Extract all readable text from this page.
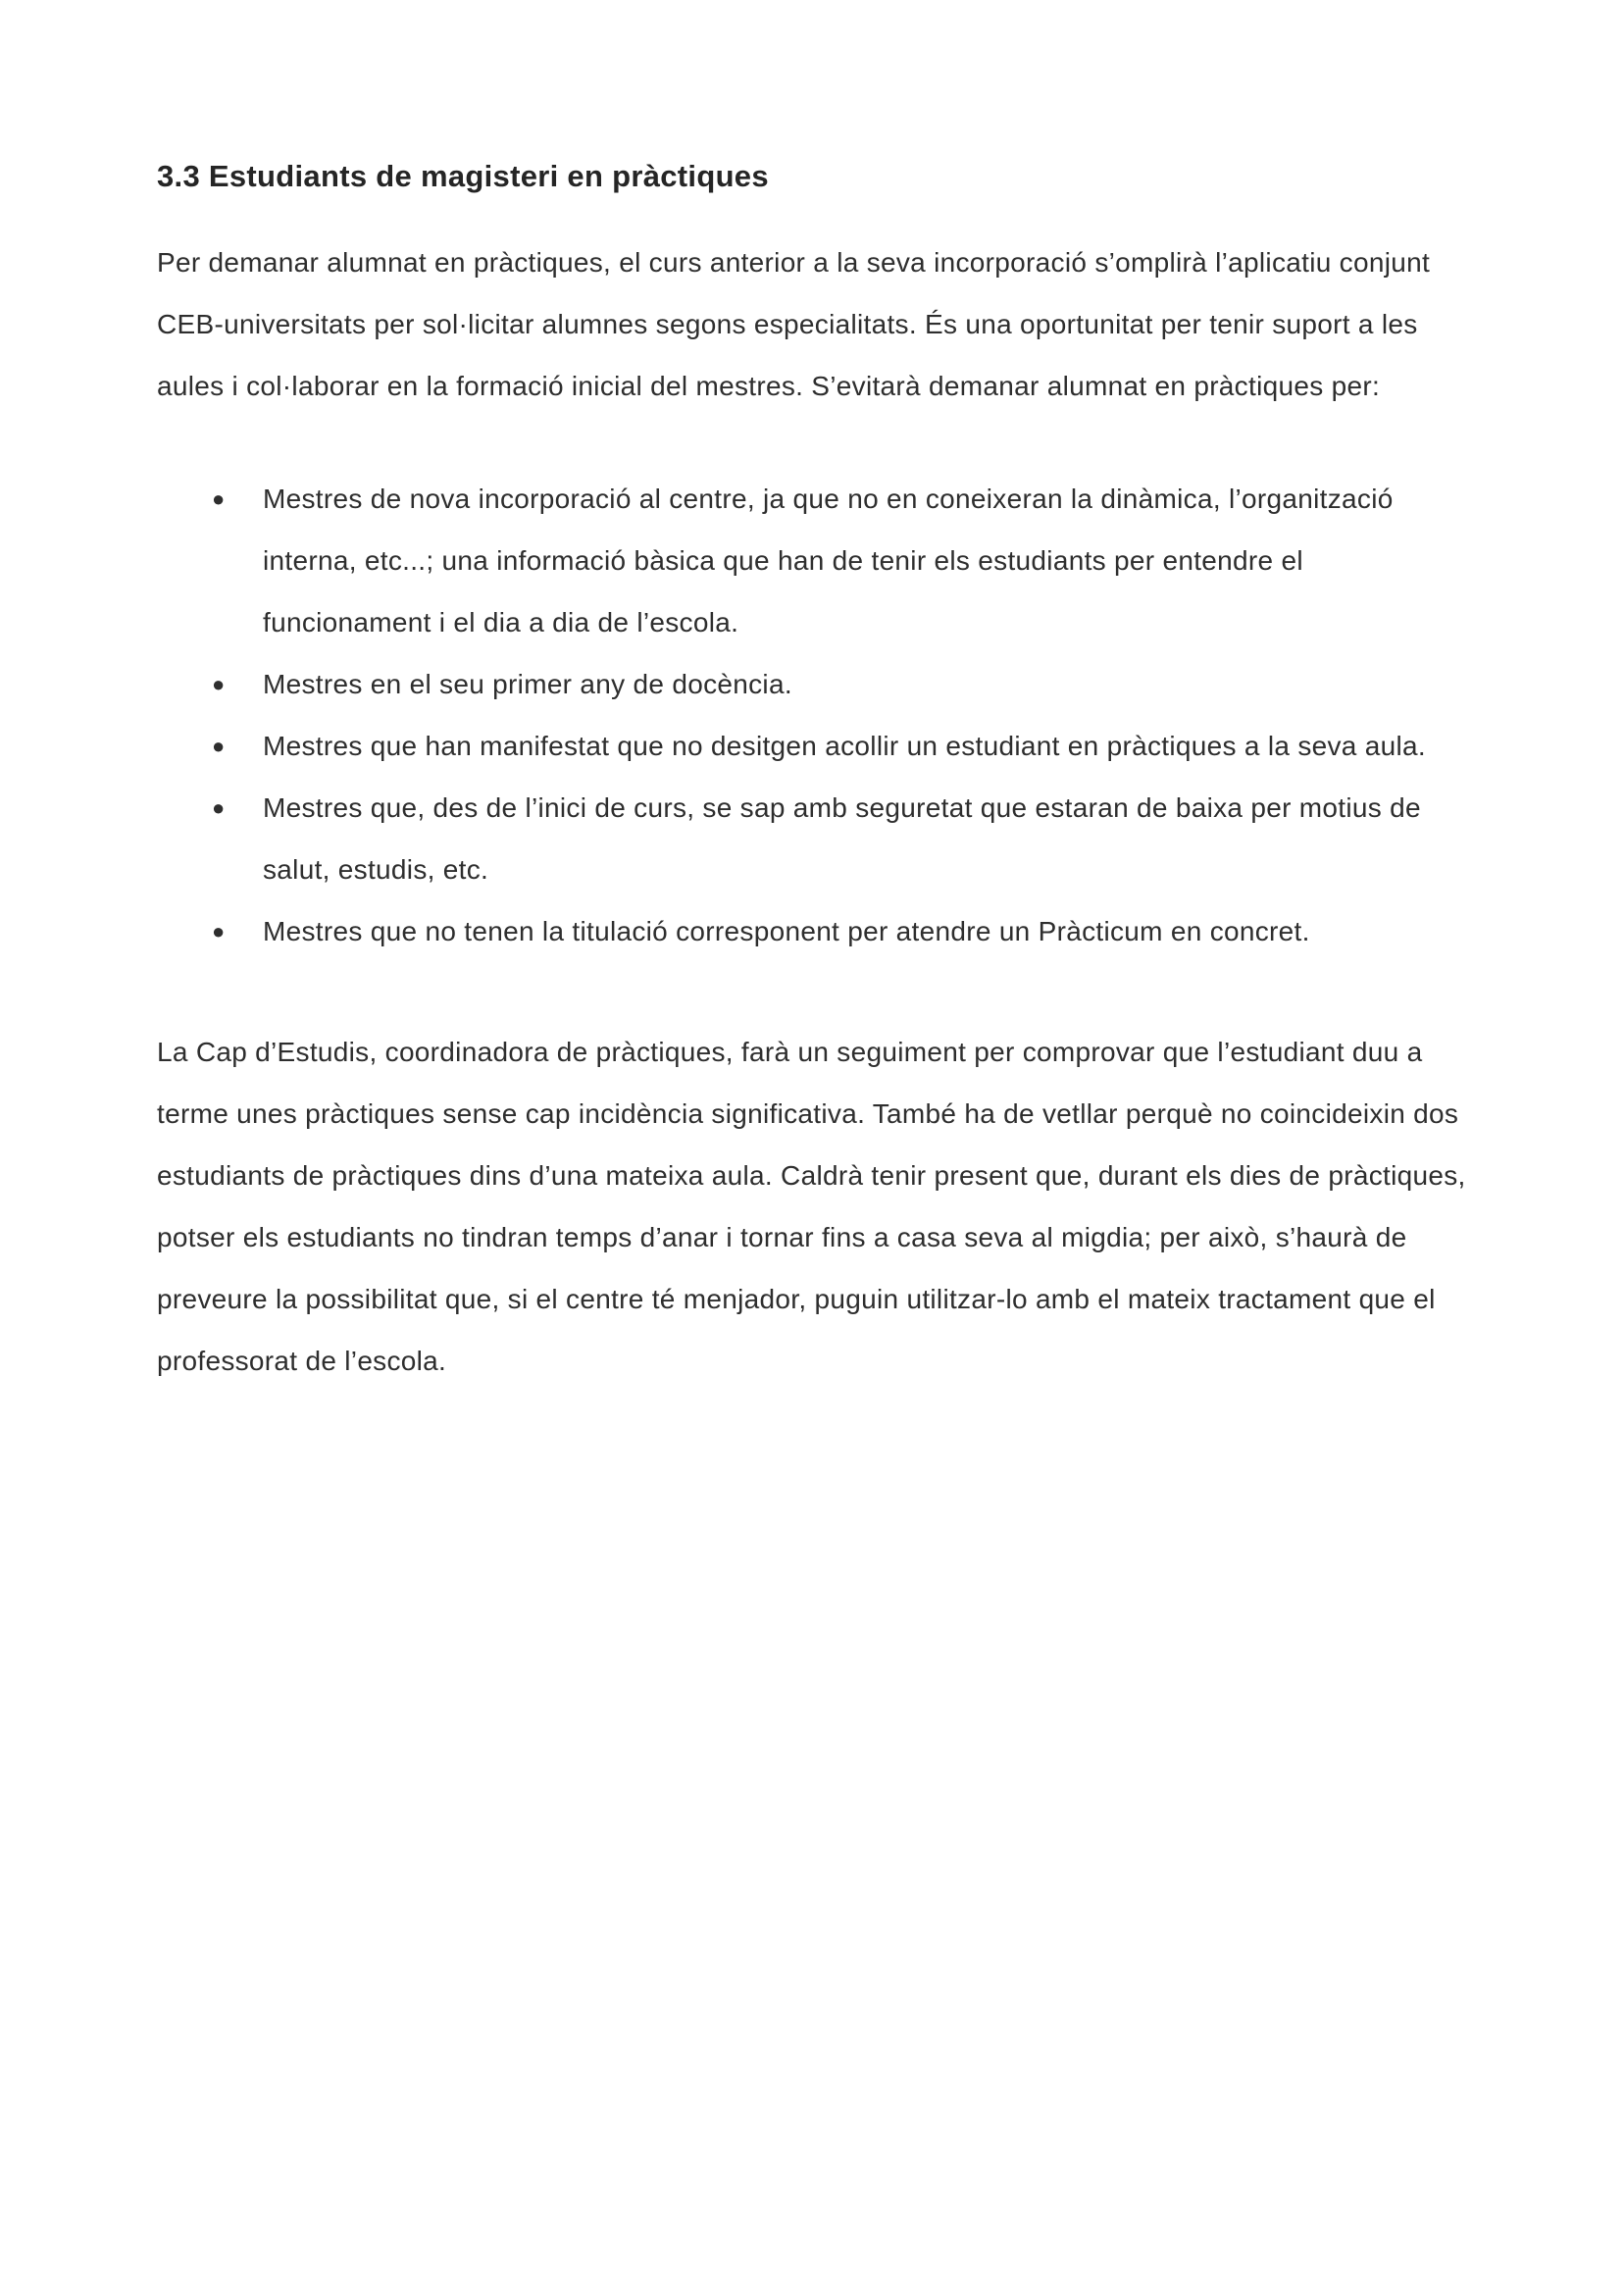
3.3 Estudiants de magisteri en pràctiques

Per demanar alumnat en pràctiques, el curs anterior a la seva incorporació s’omplirà l’aplicatiu conjunt CEB-universitats per sol·licitar alumnes segons especialitats. És una oportunitat per tenir suport a les aules i col·laborar en la formació inicial del mestres. S’evitarà demanar alumnat en pràctiques per:

● Mestres de nova incorporació al centre, ja que no en coneixeran la dinàmica, l’organització interna, etc...; una informació bàsica que han de tenir els estudiants per entendre el funcionament i el dia a dia de l’escola.
● Mestres en el seu primer any de docència.
● Mestres que han manifestat que no desitgen acollir un estudiant en pràctiques a la seva aula.
● Mestres que, des de l’inici de curs, se sap amb seguretat que estaran de baixa per motius de salut, estudis, etc.
● Mestres que no tenen la titulació corresponent per atendre un Pràcticum en concret.

La Cap d’Estudis, coordinadora de pràctiques, farà un seguiment per comprovar que l’estudiant duu a terme unes pràctiques sense cap incidència significativa. També ha de vetllar perquè no coincideixin dos estudiants de pràctiques dins d’una mateixa aula. Caldrà tenir present que, durant els dies de pràctiques, potser els estudiants no tindran temps d’anar i tornar fins a casa seva al migdia; per això, s’haurà de preveure la possibilitat que, si el centre té menjador, puguin utilitzar-lo amb el mateix tractament que el professorat de l’escola.
